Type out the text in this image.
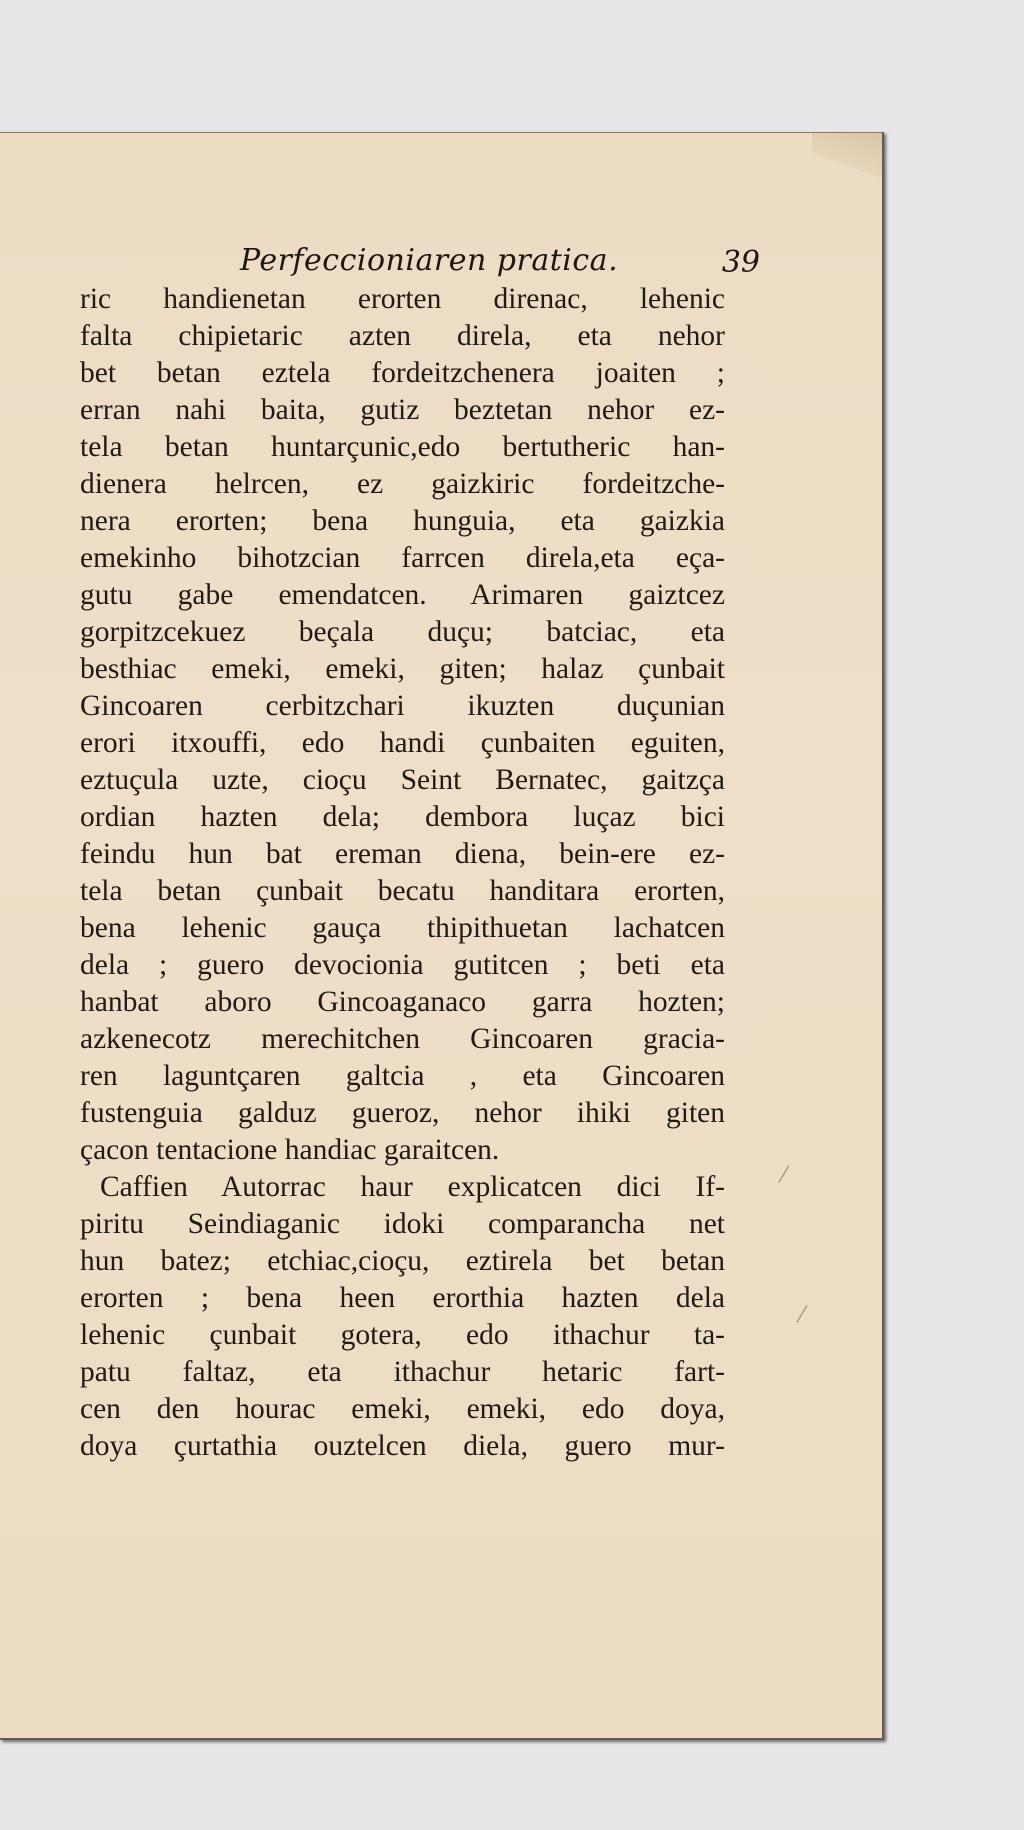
Perfeccioniaren pratica.	39
ric handienetan erorten direnac, lehenic
falta chipietaric azten direla, eta nehor
bet betan eztela fordeitzchenera joaiten ;
erran nahi baita, gutiz beztetan nehor ez-
tela betan huntarçunic,edo bertutheric han-
dienera helrcen, ez gaizkiric fordeitzche-
nera erorten; bena hunguia, eta gaizkia
emekinho bihotzcian farrcen direla,eta eça-
gutu gabe emendatcen. Arimaren gaiztcez
gorpitzcekuez beçala duçu; batciac, eta
besthiac emeki, emeki, giten; halaz çunbait
Gincoaren cerbitzchari ikuzten duçunian
erori itxouffi, edo handi çunbaiten eguiten,
eztuçula uzte, cioçu Seint Bernatec, gaitzça
ordian hazten dela; dembora luçaz bici
feindu hun bat ereman diena, bein-ere ez-
tela betan çunbait becatu handitara erorten,
bena lehenic gauça thipithuetan lachatcen
dela ; guero devocionia gutitcen ; beti eta
hanbat aboro Gincoaganaco garra hozten;
azkenecotz merechitchen Gincoaren gracia-
ren laguntçaren galtcia , eta Gincoaren
fustenguia galduz gueroz, nehor ihiki giten
çacon tentacione handiac garaitcen.
Caffien Autorrac haur explicatcen dici If-
piritu Seindiaganic idoki comparancha net
hun batez; etchiac,cioçu, eztirela bet betan
erorten ; bena heen erorthia hazten dela
lehenic çunbait gotera, edo ithachur ta-
patu faltaz, eta ithachur hetaric fart-
cen den hourac emeki, emeki, edo doya,
doya çurtathia ouztelcen diela, guero mur-
⁄
⁄
